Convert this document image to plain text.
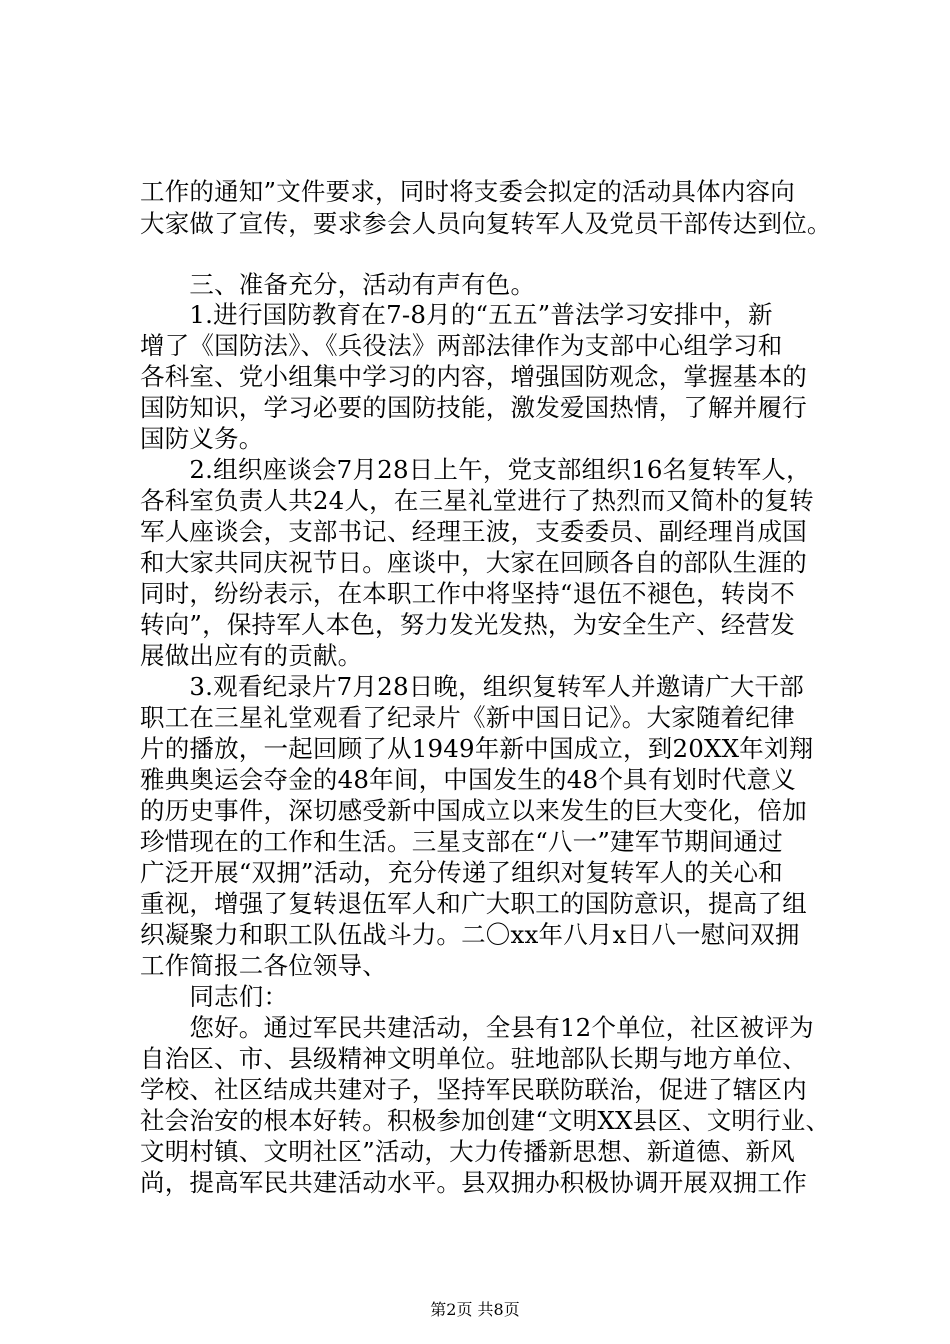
工作的通知”文件要求，同时将支委会拟定的活动具体内容向
大家做了宣传，要求参会人员向复转军人及党员干部传达到位。
　　三、准备充分，活动有声有色。
　　1.进行国防教育在7-8月的“五五”普法学习安排中，新
增了《国防法》、《兵役法》两部法律作为支部中心组学习和
各科室、党小组集中学习的内容，增强国防观念，掌握基本的
国防知识，学习必要的国防技能，激发爱国热情，了解并履行
国防义务。
　　2.组织座谈会7月28日上午，党支部组织16名复转军人，
各科室负责人共24人，在三星礼堂进行了热烈而又简朴的复转
军人座谈会，支部书记、经理王波，支委委员、副经理肖成国
和大家共同庆祝节日。座谈中，大家在回顾各自的部队生涯的
同时，纷纷表示，在本职工作中将坚持“退伍不褪色，转岗不
转向”，保持军人本色，努力发光发热，为安全生产、经营发
展做出应有的贡献。
　　3.观看纪录片7月28日晚，组织复转军人并邀请广大干部
职工在三星礼堂观看了纪录片《新中国日记》。大家随着纪律
片的播放，一起回顾了从1949年新中国成立，到20XX年刘翔
雅典奥运会夺金的48年间，中国发生的48个具有划时代意义
的历史事件，深切感受新中国成立以来发生的巨大变化，倍加
珍惜现在的工作和生活。三星支部在“八一”建军节期间通过
广泛开展“双拥”活动，充分传递了组织对复转军人的关心和
重视，增强了复转退伍军人和广大职工的国防意识，提高了组
织凝聚力和职工队伍战斗力。二〇xx年八月x日八一慰问双拥
工作简报二各位领导、
　　同志们：
　　您好。通过军民共建活动，全县有12个单位，社区被评为
自治区、市、县级精神文明单位。驻地部队长期与地方单位、
学校、社区结成共建对子，坚持军民联防联治，促进了辖区内
社会治安的根本好转。积极参加创建“文明XX县区、文明行业、
文明村镇、文明社区”活动，大力传播新思想、新道德、新风
尚，提高军民共建活动水平。县双拥办积极协调开展双拥工作
第2页 共8页
